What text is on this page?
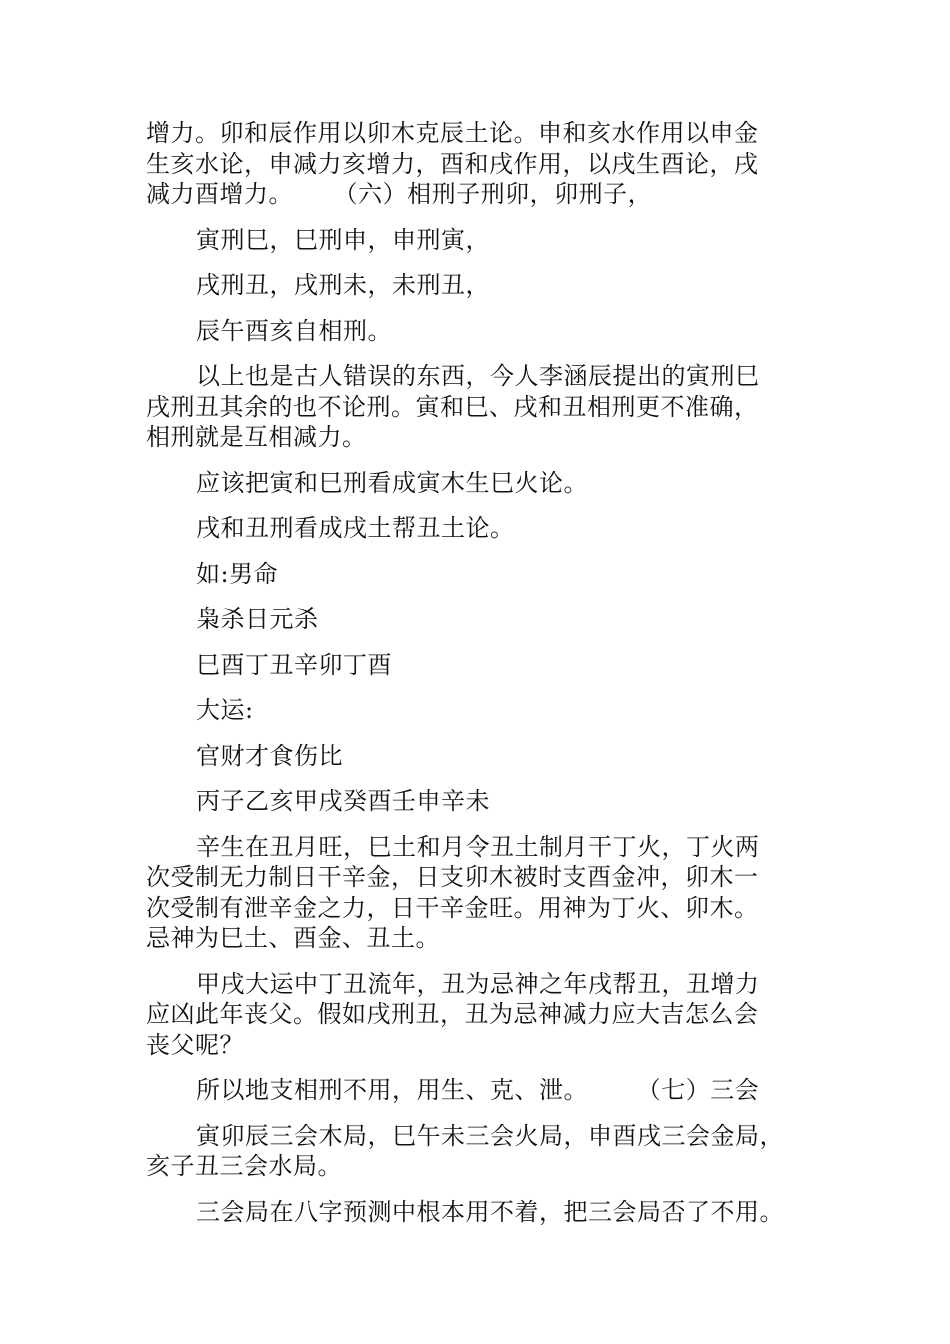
增力。卯和辰作用以卯木克辰土论。申和亥水作用以申金
生亥水论，申减力亥增力，酉和戌作用，以戌生酉论，戌
减力酉增力。     （六）相刑子刑卯，卯刑子，
寅刑巳，巳刑申，申刑寅，
戌刑丑，戌刑未，未刑丑，
辰午酉亥自相刑。
以上也是古人错误的东西，今人李涵辰提出的寅刑巳
戌刑丑其余的也不论刑。寅和巳、戌和丑相刑更不准确，
相刑就是互相减力。
应该把寅和巳刑看成寅木生巳火论。
戌和丑刑看成戌土帮丑土论。
如:男命
枭杀日元杀
巳酉丁丑辛卯丁酉
大运:
官财才食伤比
丙子乙亥甲戌癸酉壬申辛未
辛生在丑月旺，巳土和月令丑土制月干丁火，丁火两
次受制无力制日干辛金，日支卯木被时支酉金冲，卯木一
次受制有泄辛金之力，日干辛金旺。用神为丁火、卯木。
忌神为巳土、酉金、丑土。
甲戌大运中丁丑流年，丑为忌神之年戌帮丑，丑增力
应凶此年丧父。假如戌刑丑，丑为忌神减力应大吉怎么会
丧父呢？
所以地支相刑不用，用生、克、泄。      （七）三会
寅卯辰三会木局，巳午未三会火局，申酉戌三会金局，
亥子丑三会水局。
三会局在八字预测中根本用不着，把三会局否了不用。
